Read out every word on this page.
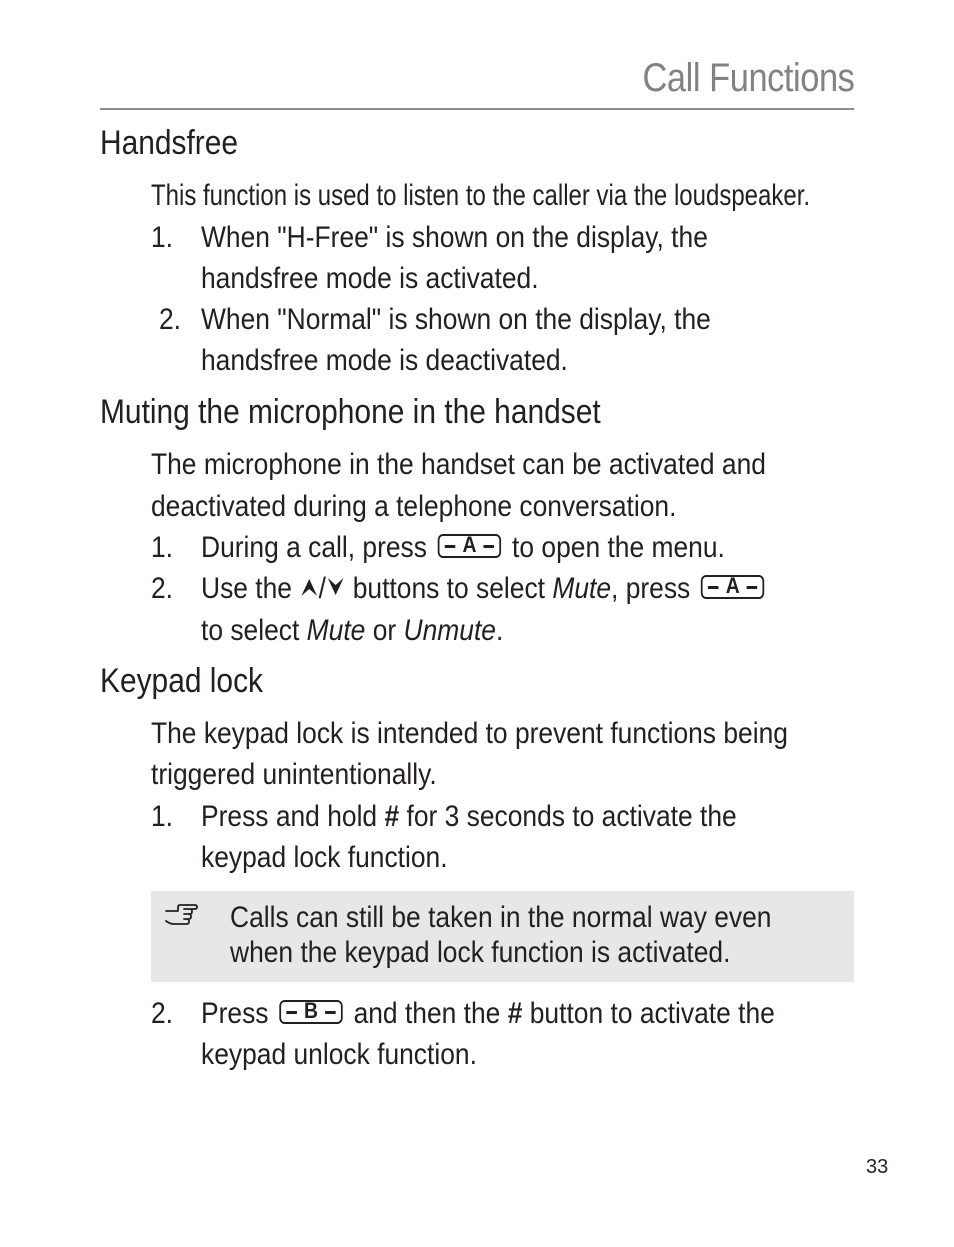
Call Functions
Handsfree
This function is used to listen to the caller via the loudspeaker.
1. When "H-Free" is shown on the display, the
handsfree mode is activated.
2. When "Normal" is shown on the display, the
handsfree mode is deactivated.
Muting the microphone in the handset
The microphone in the handset can be activated and
deactivated during a telephone conversation.
1. During a call, press	A	to open the menu.
2. Use the / buttons to select Mute, press	A
to select Mute or Unmute.
Keypad lock
The keypad lock is intended to prevent functions being
triggered unintentionally.
1. Press and hold # for 3 seconds to activate the
keypad lock function.
Calls can still be taken in the normal way even
when the keypad lock function is activated.
2. Press	B	and then the # button to activate the
keypad unlock function.
33
